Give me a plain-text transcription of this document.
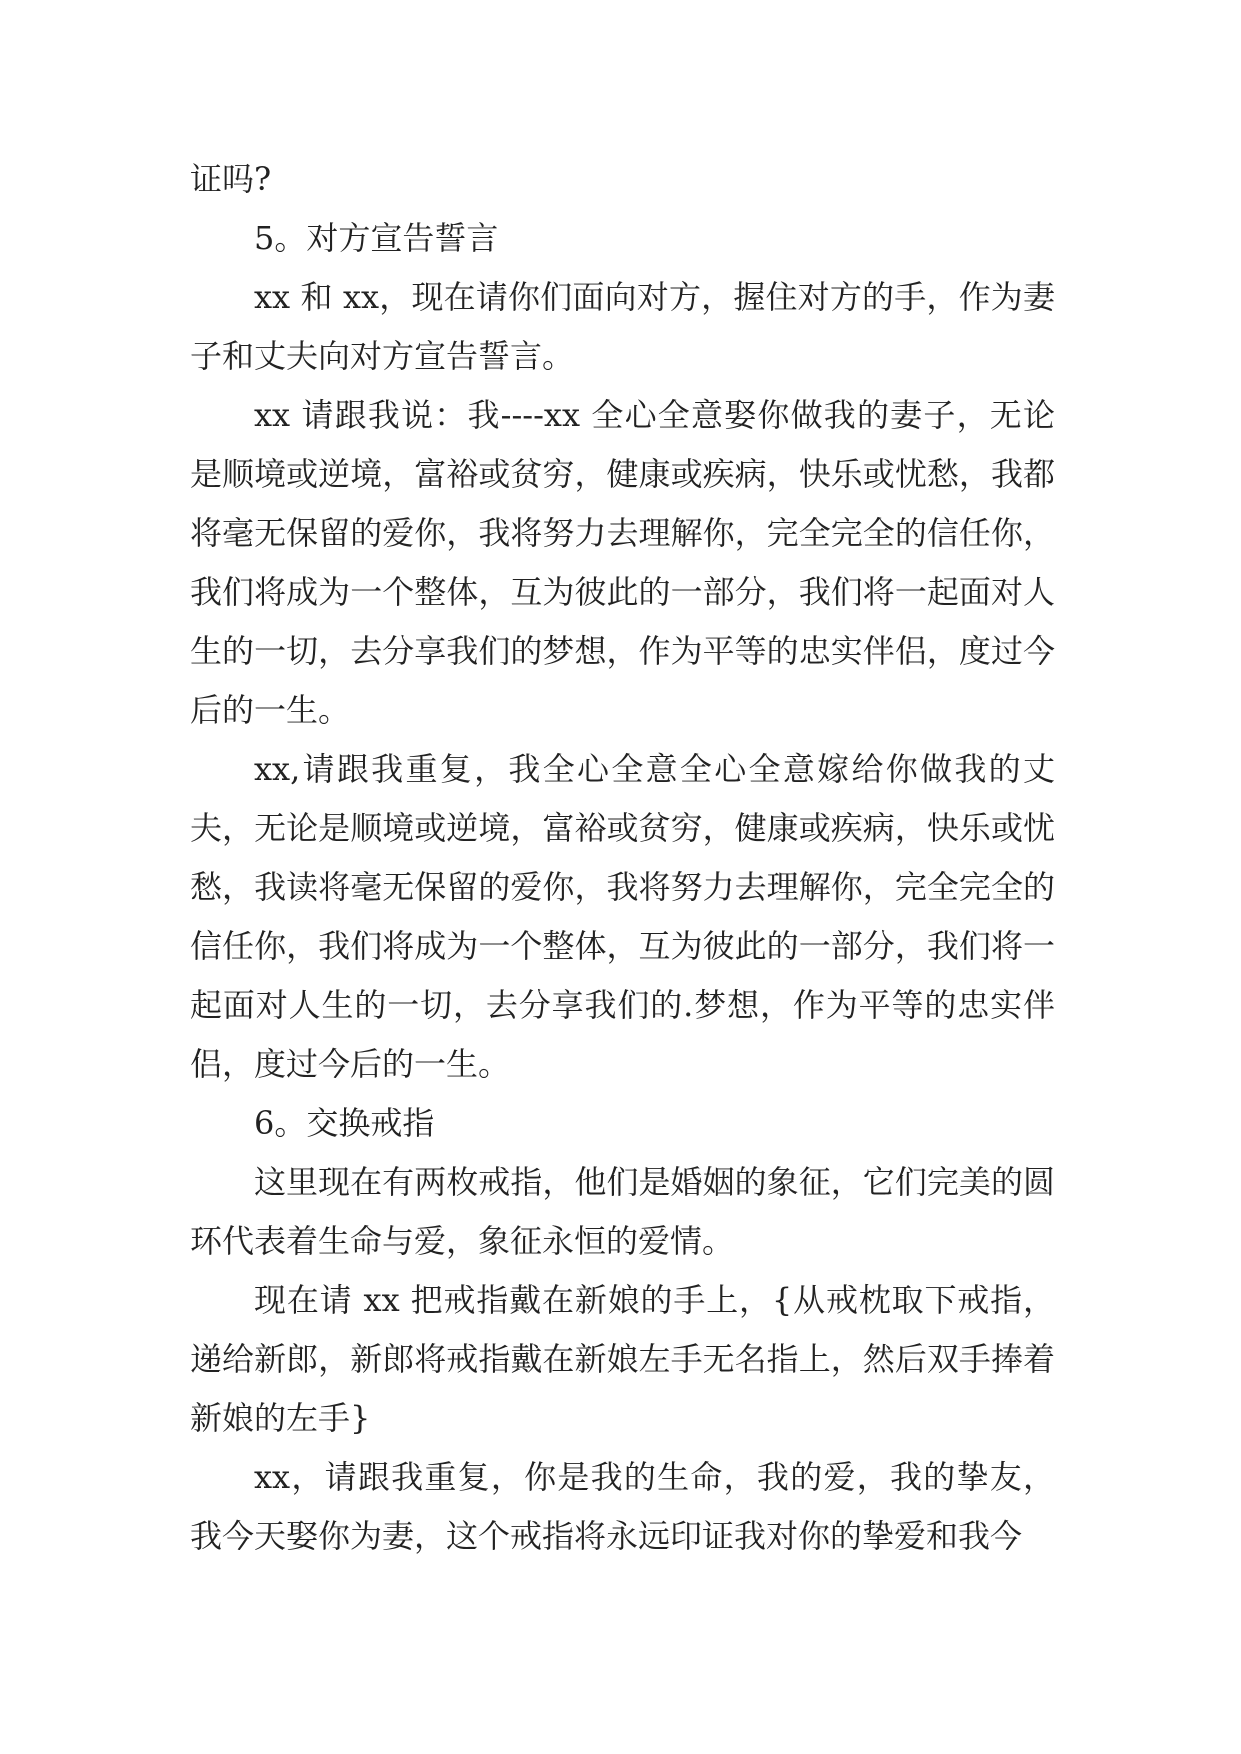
证吗?

5。对方宣告誓言

xx 和 xx，现在请你们面向对方，握住对方的手，作为妻子和丈夫向对方宣告誓言。

xx 请跟我说：我----xx 全心全意娶你做我的妻子，无论是顺境或逆境，富裕或贫穷，健康或疾病，快乐或忧愁，我都将毫无保留的爱你，我将努力去理解你，完全完全的信任你，我们将成为一个整体，互为彼此的一部分，我们将一起面对人生的一切，去分享我们的梦想，作为平等的忠实伴侣，度过今后的一生。

xx,请跟我重复，我全心全意全心全意嫁给你做我的丈夫，无论是顺境或逆境，富裕或贫穷，健康或疾病，快乐或忧愁，我读将毫无保留的爱你，我将努力去理解你，完全完全的信任你，我们将成为一个整体，互为彼此的一部分，我们将一起面对人生的一切，去分享我们的.梦想，作为平等的忠实伴侣，度过今后的一生。

6。交换戒指

这里现在有两枚戒指，他们是婚姻的象征，它们完美的圆环代表着生命与爱，象征永恒的爱情。

现在请 xx 把戒指戴在新娘的手上，{从戒枕取下戒指，递给新郎，新郎将戒指戴在新娘左手无名指上，然后双手捧着新娘的左手}

xx，请跟我重复，你是我的生命，我的爱，我的挚友，我今天娶你为妻，这个戒指将永远印证我对你的挚爱和我今
